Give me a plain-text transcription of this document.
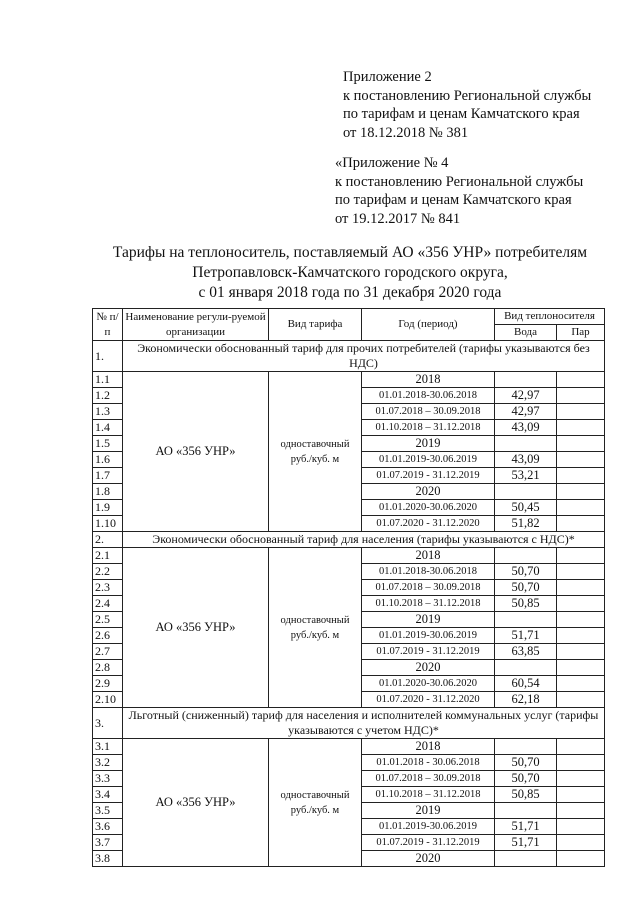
Приложение 2
к постановлению Региональной службы
по тарифам и ценам Камчатского края
от 18.12.2018 № 381
«Приложение № 4
к постановлению Региональной службы
по тарифам и ценам Камчатского края
от 19.12.2017 № 841
Тарифы на теплоноситель, поставляемый АО «356 УНР» потребителям
Петропавловск-Камчатского городского округа,
с 01 января 2018 года по 31 декабря 2020 года
№ п/п	Наименование регули-руемой организации	Вид тарифа	Год (период)	Вид теплоносителя	
				Вода	Пар
1.	Экономически обоснованный тариф для прочих потребителей (тарифы указываются без НДС)				
1.1	АО «356 УНР»	одноставочный руб./куб. м	2018		
1.2			01.01.2018-30.06.2018	42,97	
1.3			01.07.2018 – 30.09.2018	42,97	
1.4			01.10.2018 – 31.12.2018	43,09	
1.5			2019		
1.6			01.01.2019-30.06.2019	43,09	
1.7			01.07.2019 - 31.12.2019	53,21	
1.8			2020		
1.9			01.01.2020-30.06.2020	50,45	
1.10			01.07.2020 - 31.12.2020	51,82	
2.	Экономически обоснованный тариф для населения (тарифы указываются с НДС)*				
2.1	АО «356 УНР»	одноставочный руб./куб. м	2018		
2.2			01.01.2018-30.06.2018	50,70	
2.3			01.07.2018 – 30.09.2018	50,70	
2.4			01.10.2018 – 31.12.2018	50,85	
2.5			2019		
2.6			01.01.2019-30.06.2019	51,71	
2.7			01.07.2019 - 31.12.2019	63,85	
2.8			2020		
2.9			01.01.2020-30.06.2020	60,54	
2.10			01.07.2020 - 31.12.2020	62,18	
3.	Льготный (сниженный) тариф для населения и исполнителей коммунальных услуг (тарифы указываются с учетом НДС)*				
3.1	АО «356 УНР»	одноставочный руб./куб. м	2018		
3.2			01.01.2018 - 30.06.2018	50,70	
3.3			01.07.2018 – 30.09.2018	50,70	
3.4			01.10.2018 – 31.12.2018	50,85	
3.5			2019		
3.6			01.01.2019-30.06.2019	51,71	
3.7			01.07.2019 - 31.12.2019	51,71	
3.8			2020		
